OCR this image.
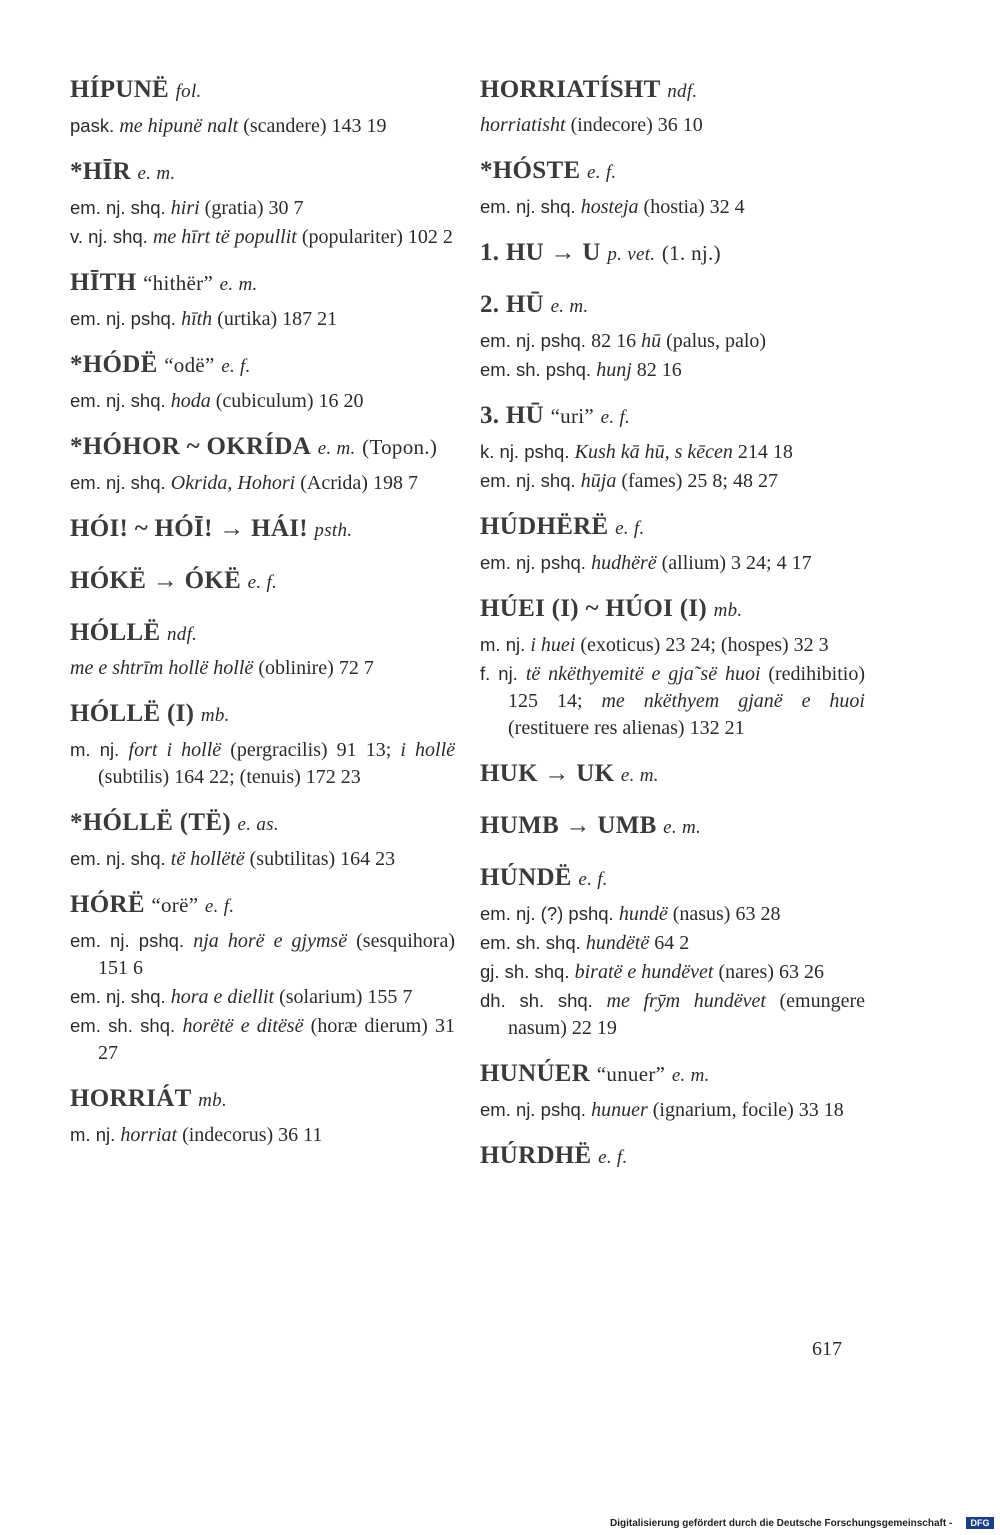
HÍPUNË fol.
pask. me hipunë nalt (scandere) 143 19
*HĪR e. m.
em. nj. shq. hiri (gratia) 30 7
v. nj. shq. me hīrt të popullit (populariter) 102 2
HĪTH “hithër” e. m.
em. nj. pshq. hīth (urtika) 187 21
*HÓDË “odë” e. f.
em. nj. shq. hoda (cubiculum) 16 20
*HÓHOR ~ OKRÍDA e. m. (Topon.)
em. nj. shq. Okrida, Hohori (Acrida) 198 7
HÓI! ~ HÓĪ! → HÁI! psth.
HÓKË → ÓKË e. f.
HÓLLË ndf.
me e shtrīm hollë hollë (oblinire) 72 7
HÓLLË (I) mb.
m. nj. fort i hollë (pergracilis) 91 13; i hollë (subtilis) 164 22; (tenuis) 172 23
*HÓLLË (TË) e. as.
em. nj. shq. të hollëtë (subtilitas) 164 23
HÓRË “orë” e. f.
em. nj. pshq. nja horë e gjymsë (sesquihora) 151 6
em. nj. shq. hora e diellit (solarium) 155 7
em. sh. shq. horëtë e ditësë (horæ dierum) 31 27
HORRIÁT mb.
m. nj. horriat (indecorus) 36 11
HORRIATÍSHT ndf.
horriatisht (indecore) 36 10
*HÓSTE e. f.
em. nj. shq. hosteja (hostia) 32 4
1. HU → U p. vet. (1. nj.)
2. HŪ e. m.
em. nj. pshq. 82 16 hū (palus, palo)
em. sh. pshq. hunj 82 16
3. HŪ “uri” e. f.
k. nj. pshq. Kush kā hū, s kēcen 214 18
em. nj. shq. hūja (fames) 25 8; 48 27
HÚDHËRË e. f.
em. nj. pshq. hudhërë (allium) 3 24; 4 17
HÚEI (I) ~ HÚOI (I) mb.
m. nj. i huei (exoticus) 23 24; (hospes) 32 3
f. nj. të nkëthyemitë e gja˜së huoi (redihibitio) 125 14; me nkëthyem gjanë e huoi (restituere res alienas) 132 21
HUK → UK e. m.
HUMB → UMB e. m.
HÚNDË e. f.
em. nj. (?) pshq. hundë (nasus) 63 28
em. sh. shq. hundëtë 64 2
gj. sh. shq. biratë e hundëvet (nares) 63 26
dh. sh. shq. me frȳm hundëvet (emungere nasum) 22 19
HUNÚER “unuer” e. m.
em. nj. pshq. hunuer (ignarium, focile) 33 18
HÚRDHË e. f.
617
Digitalisierung gefördert durch die Deutsche Forschungsgemeinschaft -	DFG
